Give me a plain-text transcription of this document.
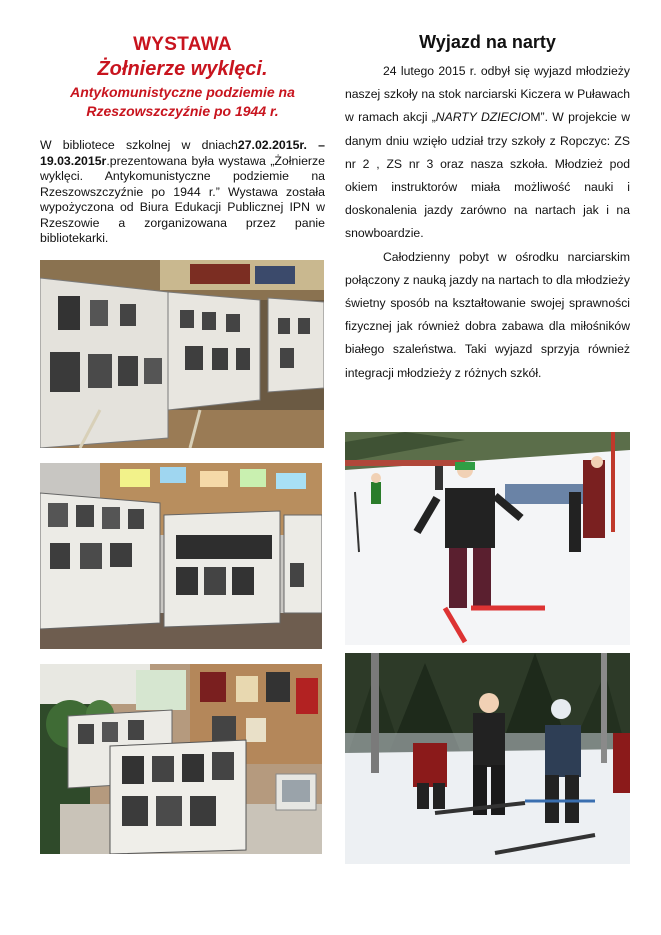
WYSTAWA
Żołnierze wyklęci.
Antykomunistyczne podziemie na
Rzeszowszczyźnie po 1944 r.
W bibliotece szkolnej w dniach27.02.2015r. – 19.03.2015r.prezentowana była wystawa „Żołnierze wyklęci. Antykomunistyczne podziemie na Rzeszowszczyźnie po 1944 r.” Wystawa została wypożyczona od Biura Edukacji Publicznej IPN w Rzeszowie a zorganizowana przez panie bibliotekarki.
Wyjazd na narty

24 lutego 2015 r. odbył się wyjazd młodzieży naszej szkoły na stok narciarski Kiczera w Puławach w ramach akcji „NARTY DZIECIOM”. W projekcie w danym dniu wzięło udział trzy szkoły z Ropczyc: ZS nr 2 , ZS nr 3 oraz nasza szkoła. Młodzież pod okiem instruktorów miała możliwość nauki i doskonalenia jazdy zarówno na nartach jak i na snowboardzie.

Całodzienny pobyt w ośrodku narciarskim połączony z nauką jazdy na nartach to dla młodzieży świetny sposób na kształtowanie swojej sprawności fizycznej jak również dobra zabawa dla miłośników białego szaleństwa. Taki wyjazd sprzyja również integracji młodzieży z różnych szkół.
